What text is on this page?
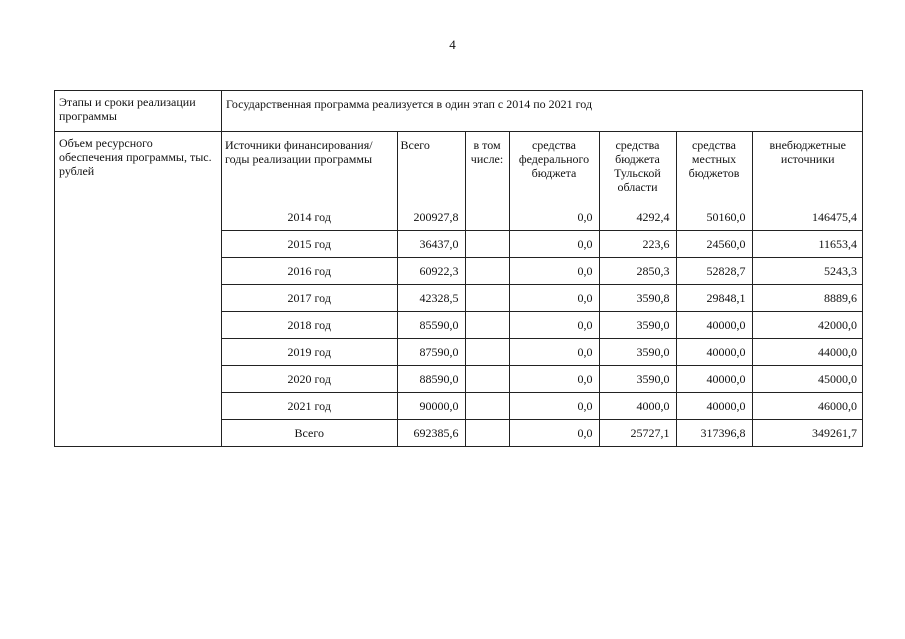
4
Этапы и сроки реализации программы	Государственная программа реализуется в один этап с 2014 по 2021 год
Объем ресурсного обеспечения программы, тыс. рублей	
Источники финансирования/ годы реализации программы	Всего	в том числе:	средства федерального бюджета	средства бюджета Тульской области	средства местных бюджетов	внебюджетные источники
2014 год	200927,8		0,0	4292,4	50160,0	146475,4
2015 год	36437,0		0,0	223,6	24560,0	11653,4
2016 год	60922,3		0,0	2850,3	52828,7	5243,3
2017 год	42328,5		0,0	3590,8	29848,1	8889,6
2018 год	85590,0		0,0	3590,0	40000,0	42000,0
2019 год	87590,0		0,0	3590,0	40000,0	44000,0
2020 год	88590,0		0,0	3590,0	40000,0	45000,0
2021 год	90000,0		0,0	4000,0	40000,0	46000,0
Всего	692385,6		0,0	25727,1	317396,8	349261,7
